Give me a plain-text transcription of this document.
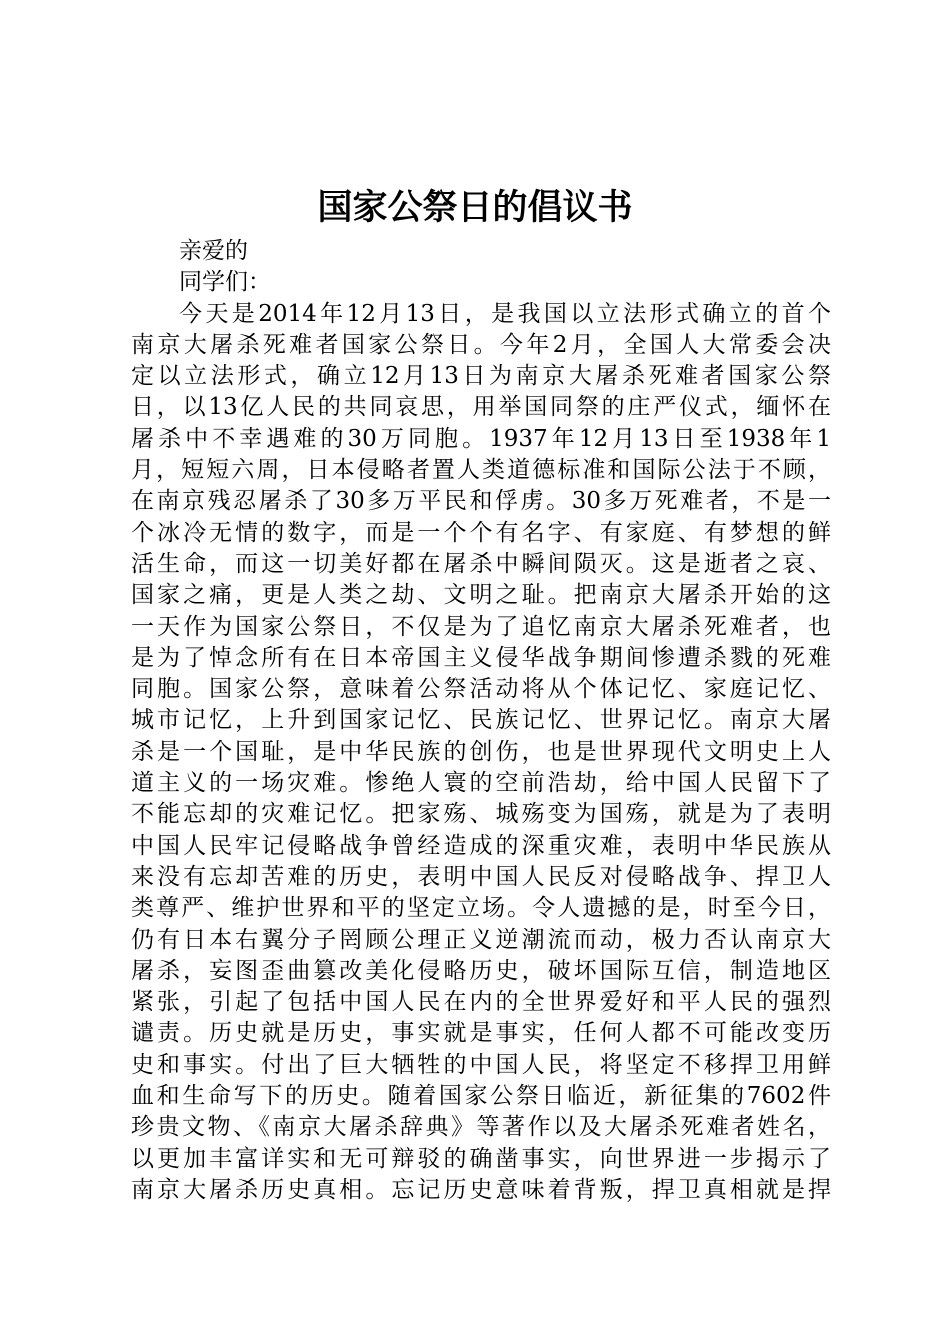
国家公祭日的倡议书
亲爱的
同学们：
今天是2014年12月13日，是我国以立法形式确立的首个
南京大屠杀死难者国家公祭日。今年2月，全国人大常委会决
定以立法形式，确立12月13日为南京大屠杀死难者国家公祭
日，以13亿人民的共同哀思，用举国同祭的庄严仪式，缅怀在
屠杀中不幸遇难的30万同胞。1937年12月13日至1938年1
月，短短六周，日本侵略者置人类道德标准和国际公法于不顾，
在南京残忍屠杀了30多万平民和俘虏。30多万死难者，不是一
个冰冷无情的数字，而是一个个有名字、有家庭、有梦想的鲜
活生命，而这一切美好都在屠杀中瞬间陨灭。这是逝者之哀、
国家之痛，更是人类之劫、文明之耻。把南京大屠杀开始的这
一天作为国家公祭日，不仅是为了追忆南京大屠杀死难者，也
是为了悼念所有在日本帝国主义侵华战争期间惨遭杀戮的死难
同胞。国家公祭，意味着公祭活动将从个体记忆、家庭记忆、
城市记忆，上升到国家记忆、民族记忆、世界记忆。南京大屠
杀是一个国耻，是中华民族的创伤，也是世界现代文明史上人
道主义的一场灾难。惨绝人寰的空前浩劫，给中国人民留下了
不能忘却的灾难记忆。把家殇、城殇变为国殇，就是为了表明
中国人民牢记侵略战争曾经造成的深重灾难，表明中华民族从
来没有忘却苦难的历史，表明中国人民反对侵略战争、捍卫人
类尊严、维护世界和平的坚定立场。令人遗撼的是，时至今日，
仍有日本右翼分子罔顾公理正义逆潮流而动，极力否认南京大
屠杀，妄图歪曲篡改美化侵略历史，破坏国际互信，制造地区
紧张，引起了包括中国人民在内的全世界爱好和平人民的强烈
谴责。历史就是历史，事实就是事实，任何人都不可能改变历
史和事实。付出了巨大牺牲的中国人民，将坚定不移捍卫用鲜
血和生命写下的历史。随着国家公祭日临近，新征集的7602件
珍贵文物、《南京大屠杀辞典》等著作以及大屠杀死难者姓名，
以更加丰富详实和无可辩驳的确凿事实，向世界进一步揭示了
南京大屠杀历史真相。忘记历史意味着背叛，捍卫真相就是捍
